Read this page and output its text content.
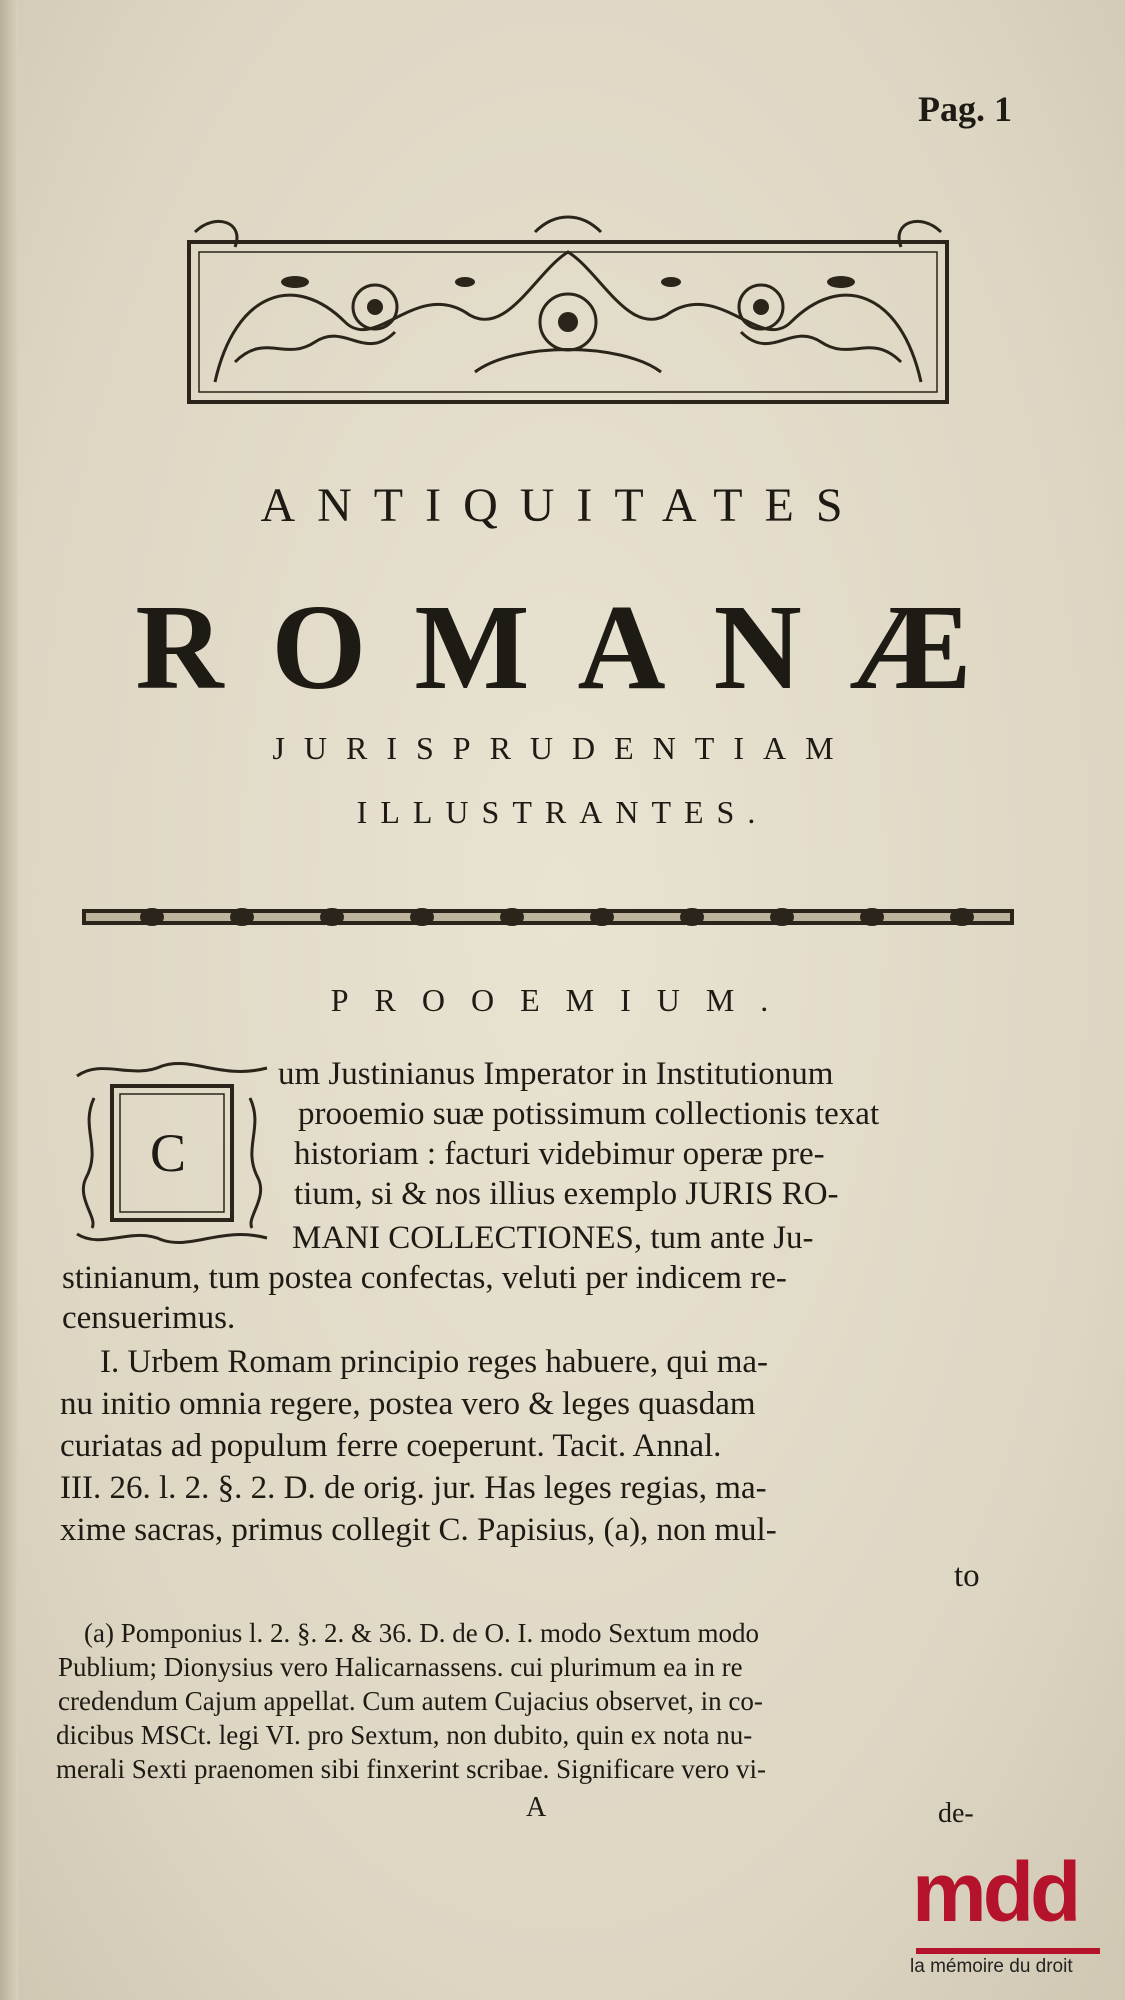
Pag. 1
ANTIQUITATES
ROMANÆ
JURISPRUDENTIAM
ILLUSTRANTES.
PROOEMIUM.
C
um Justinianus Imperator in Institutionum
prooemio suæ potissimum collectionis texat
historiam : facturi videbimur operæ pre-
tium, si & nos illius exemplo JURIS RO-
MANI COLLECTIONES, tum ante Ju-
stinianum, tum postea confectas, veluti per indicem re-
censuerimus.
I. Urbem Romam principio reges habuere, qui ma-
nu initio omnia regere, postea vero & leges quasdam
curiatas ad populum ferre coeperunt. Tacit. Annal.
III. 26. l. 2. §. 2. D. de orig. jur. Has leges regias, ma-
xime sacras, primus collegit C. Papisius, (a), non mul-
to
(a) Pomponius l. 2. §. 2. & 36. D. de O. I. modo Sextum modo
Publium; Dionysius vero Halicarnassens. cui plurimum ea in re
credendum Cajum appellat. Cum autem Cujacius observet, in co-
dicibus MSCt. legi VI. pro Sextum, non dubito, quin ex nota nu-
merali Sexti praenomen sibi finxerint scribae. Significare vero vi-
A	de-
mdd
la mémoire du droit
